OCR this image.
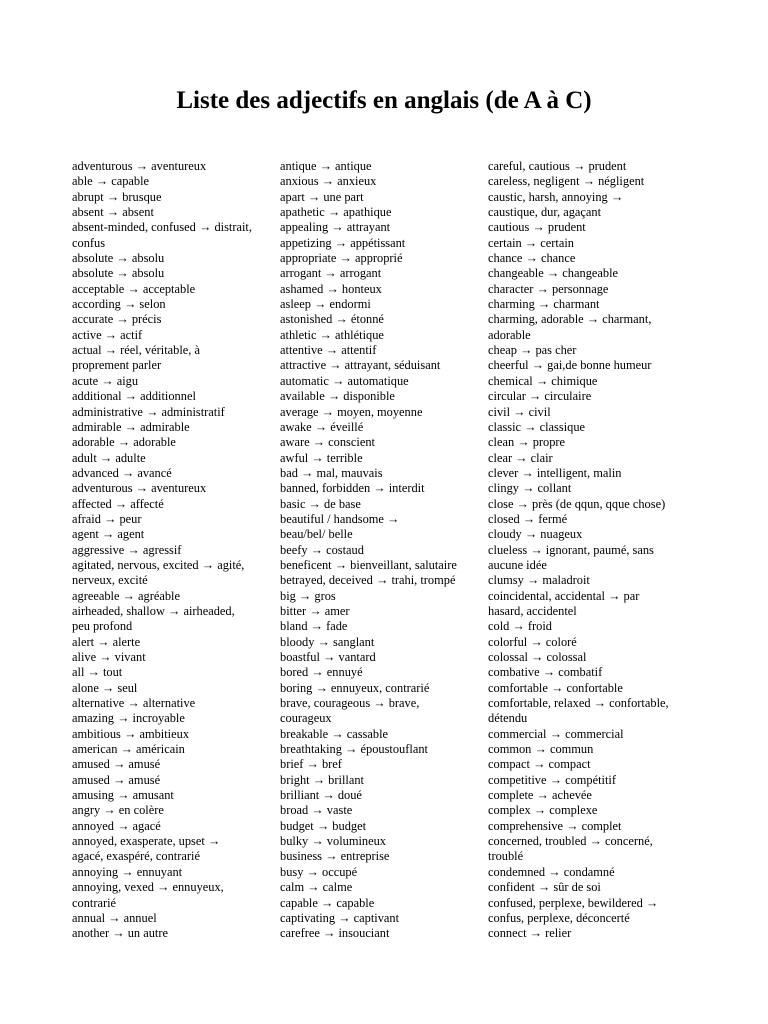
Liste des adjectifs en anglais (de A à C)
adventurous → aventureux
able → capable
abrupt → brusque
absent → absent
absent-minded, confused → distrait,
confus
absolute → absolu
absolute → absolu
acceptable → acceptable
according → selon
accurate → précis
active → actif
actual → réel, véritable, à
proprement parler
acute → aigu
additional → additionnel
administrative → administratif
admirable → admirable
adorable → adorable
adult → adulte
advanced → avancé
adventurous → aventureux
affected → affecté
afraid → peur
agent → agent
aggressive → agressif
agitated, nervous, excited → agité,
nerveux, excité
agreeable → agréable
airheaded, shallow → airheaded,
peu profond
alert → alerte
alive → vivant
all → tout
alone → seul
alternative → alternative
amazing → incroyable
ambitious → ambitieux
american → américain
amused → amusé
amused → amusé
amusing → amusant
angry → en colère
annoyed → agacé
annoyed, exasperate, upset →
agacé, exaspéré, contrarié
annoying → ennuyant
annoying, vexed → ennuyeux,
contrarié
annual → annuel
another → un autre
antique → antique
anxious → anxieux
apart → une part
apathetic → apathique
appealing → attrayant
appetizing → appétissant
appropriate → approprié
arrogant → arrogant
ashamed → honteux
asleep → endormi
astonished → étonné
athletic → athlétique
attentive → attentif
attractive → attrayant, séduisant
automatic → automatique
available → disponible
average → moyen, moyenne
awake → éveillé
aware → conscient
awful → terrible
bad → mal, mauvais
banned, forbidden → interdit
basic → de base
beautiful / handsome →
beau/bel/ belle
beefy → costaud
beneficent → bienveillant, salutaire
betrayed, deceived → trahi, trompé
big → gros
bitter → amer
bland → fade
bloody → sanglant
boastful → vantard
bored → ennuyé
boring → ennuyeux, contrarié
brave, courageous → brave,
courageux
breakable → cassable
breathtaking → époustouflant
brief → bref
bright → brillant
brilliant → doué
broad → vaste
budget → budget
bulky → volumineux
business → entreprise
busy → occupé
calm → calme
capable → capable
captivating → captivant
carefree → insouciant
careful, cautious → prudent
careless, negligent → négligent
caustic, harsh, annoying →
caustique, dur, agaçant
cautious → prudent
certain → certain
chance → chance
changeable → changeable
character → personnage
charming → charmant
charming, adorable → charmant,
adorable
cheap → pas cher
cheerful → gai,de bonne humeur
chemical → chimique
circular → circulaire
civil → civil
classic → classique
clean → propre
clear → clair
clever → intelligent, malin
clingy → collant
close → près (de qqun, qque chose)
closed → fermé
cloudy → nuageux
clueless → ignorant, paumé, sans
aucune idée
clumsy → maladroit
coincidental, accidental → par
hasard, accidentel
cold → froid
colorful → coloré
colossal → colossal
combative → combatif
comfortable → confortable
comfortable, relaxed → confortable,
détendu
commercial → commercial
common → commun
compact → compact
competitive → compétitif
complete → achevée
complex → complexe
comprehensive → complet
concerned, troubled → concerné,
troublé
condemned → condamné
confident → sûr de soi
confused, perplexe, bewildered →
confus, perplexe, déconcerté
connect → relier
